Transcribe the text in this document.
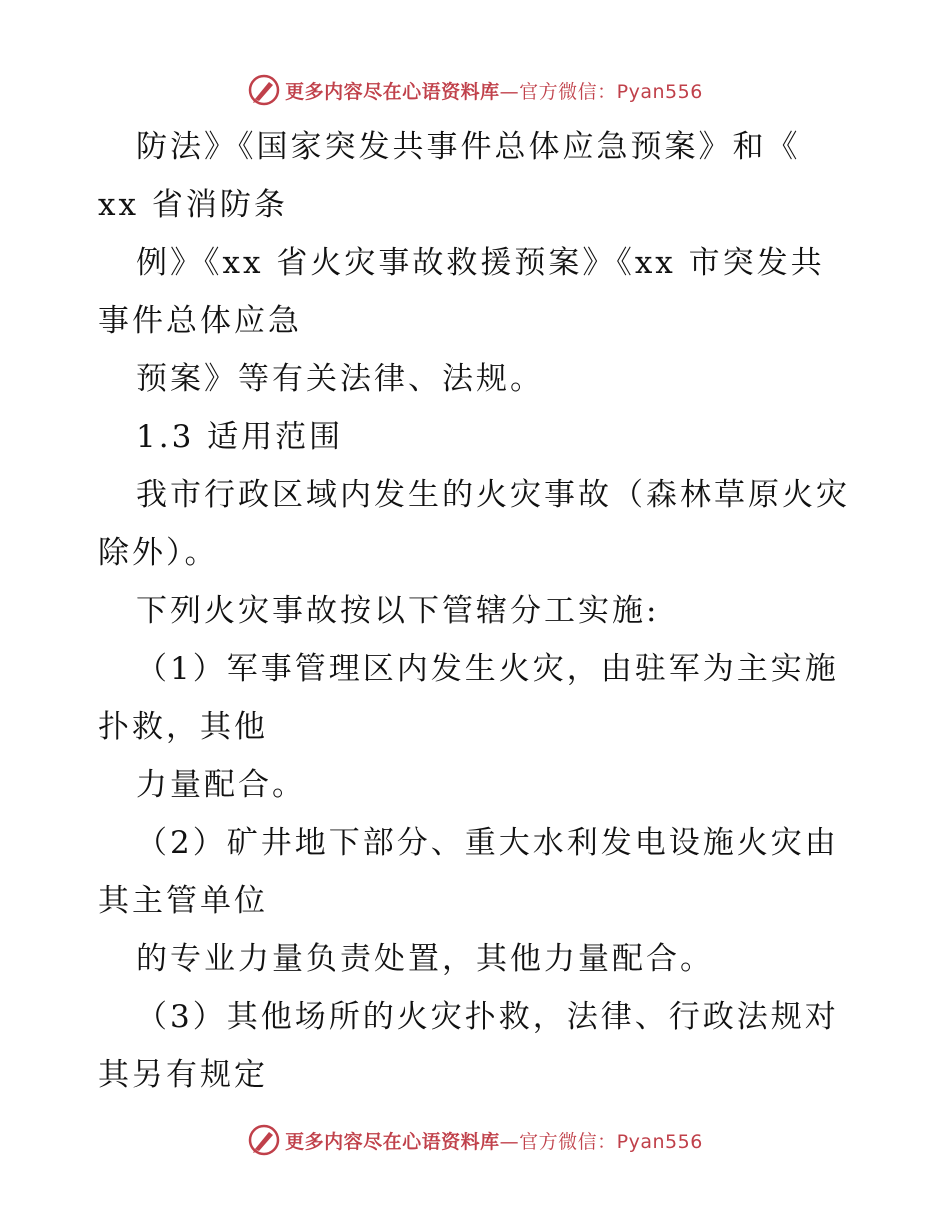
更多内容尽在心语资料库—官方微信：Pyan556
防法》《国家突发共事件总体应急预案》和《
xx 省消防条
例》《xx 省火灾事故救援预案》《xx 市突发共
事件总体应急
预案》等有关法律、法规。
1.3 适用范围
我市行政区域内发生的火灾事故（森林草原火灾
除外）。
下列火灾事故按以下管辖分工实施:
（1）军事管理区内发生火灾，由驻军为主实施
扑救，其他
力量配合。
（2）矿井地下部分、重大水利发电设施火灾由
其主管单位
的专业力量负责处置，其他力量配合。
（3）其他场所的火灾扑救，法律、行政法规对
其另有规定
更多内容尽在心语资料库—官方微信：Pyan556
